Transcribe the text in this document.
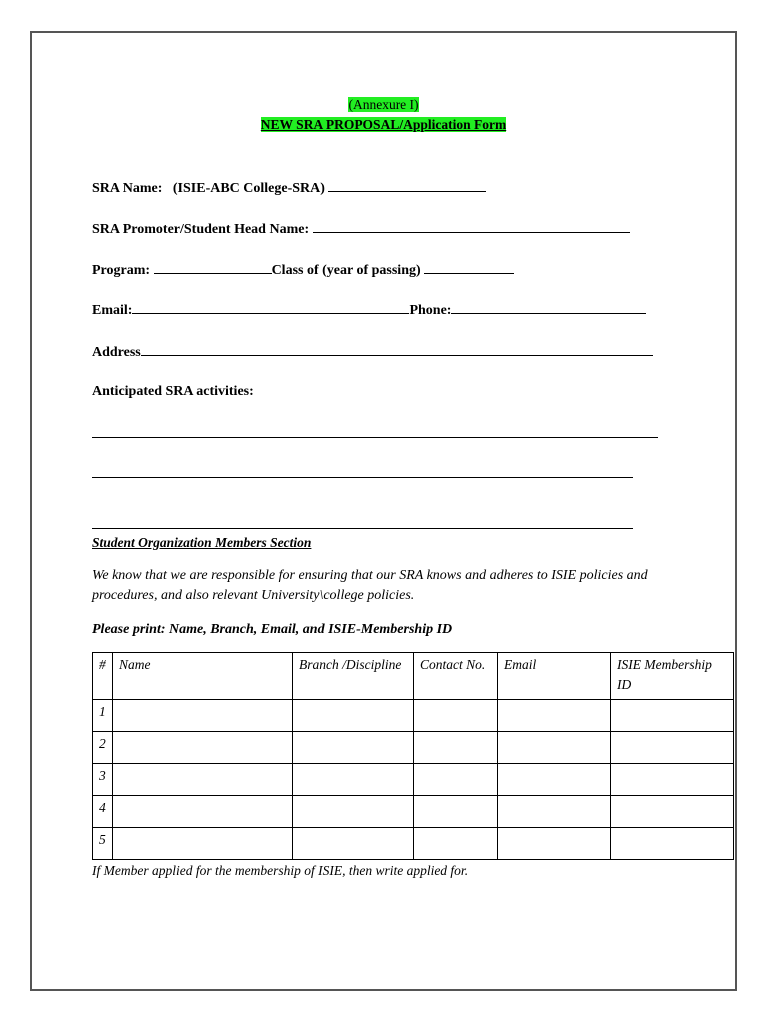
(Annexure I)
NEW SRA PROPOSAL/Application Form
SRA Name: (ISIE-ABC College-SRA)
SRA Promoter/Student Head Name:
Program:	Class of (year of passing)
Email:	Phone:
Address
Anticipated SRA activities:
Student Organization Members Section
We know that we are responsible for ensuring that our SRA knows and adheres to ISIE policies and procedures, and also relevant University\college policies.
Please print: Name, Branch, Email, and ISIE-Membership ID
#	Name	Branch /Discipline	Contact No.	Email	ISIE Membership ID
1					
2					
3					
4					
5					
If Member applied for the membership of ISIE, then write applied for.
